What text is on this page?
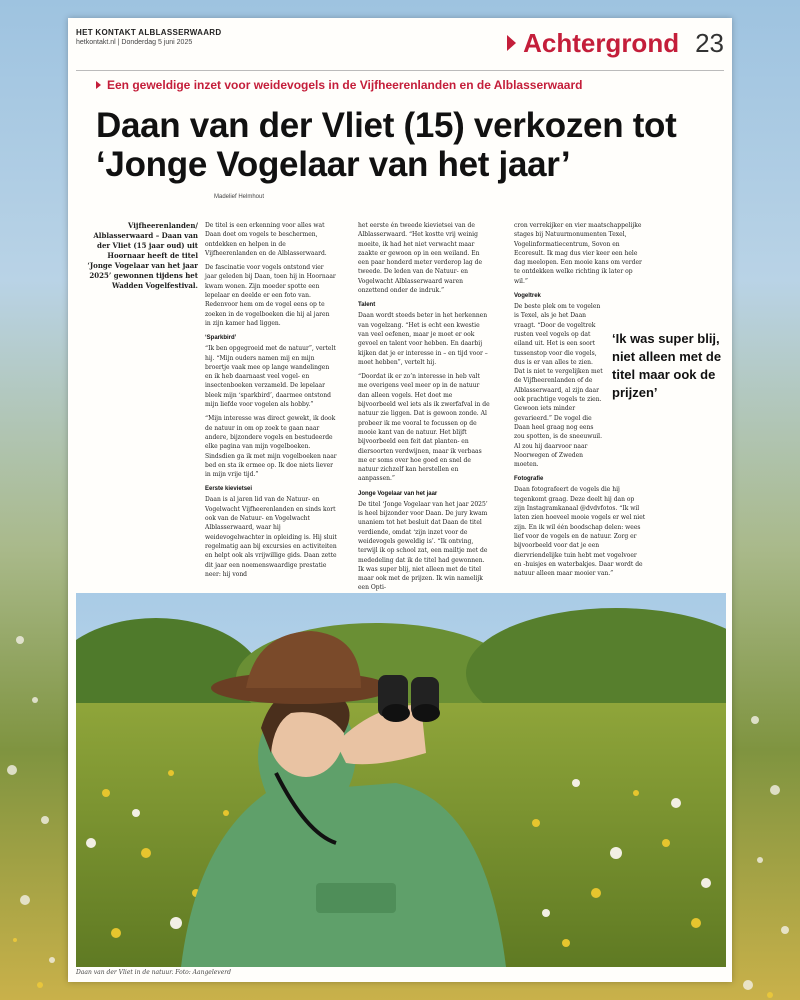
HET KONTAKT ALBLASSERWAARD
hetkontakt.nl | Donderdag 5 juni 2025	Achtergrond 23
Een geweldige inzet voor weidevogels in de Vijfheerenlanden en de Alblasserwaard
Daan van der Vliet (15) verkozen tot ‘Jonge Vogelaar van het jaar’
Madelief Helmhout
Vijfheerenlanden/ Alblasserwaard – Daan van der Vliet (15 jaar oud) uit Hoornaar heeft de titel ‘Jonge Vogelaar van het jaar 2025’ gewonnen tijdens het Wadden Vogelfestival.

De titel is een erkenning voor alles wat Daan doet om vogels te beschermen, ontdekken en helpen in de Vijfheerenlanden en de Alblasserwaard.

De fascinatie voor vogels ontstond vier jaar geleden bij Daan, toen hij in Hoornaar kwam wonen. Zijn moeder spotte een lepelaar en deelde er een foto van. Redenvoor hem om de vogel eens op te zoeken in de vogelboeken die hij al jaren in zijn kamer had liggen.

‘Sparkbird’

“Ik ben opgegroeid met de natuur”, vertelt hij. “Mijn ouders namen mij en mijn broertje vaak mee op lange wandelingen en ik heb daarnaast veel vogel- en insectenboeken verzameld. De lepelaar bleek mijn ‘sparkbird’, daarmee ontstond mijn liefde voor vogelen als hobby.”

“Mijn interesse was direct gewekt, ik dook de natuur in om op zoek te gaan naar andere, bijzondere vogels en bestudeerde elke pagina van mijn vogelboeken. Sindsdien ga ik met mijn vogelboeken naar bed en sta ik ermee op. Ik doe niets liever in mijn vrije tijd.”

Eerste kievietsei

Daan is al jaren lid van de Natuur- en Vogelwacht Vijfheerenlanden en sinds kort ook van de Natuur- en Vogelwacht Alblasserwaard, waar hij weidevogelwachter in opleiding is. Hij sluit regelmatig aan bij excursies en activiteiten en helpt ook als vrijwillige gids. Daan zette dit jaar een noemenswaardige prestatie neer: hij vond

het eerste én tweede kievietsei van de Alblasserwaard. “Het kostte vrij weinig moeite, ik had het niet verwacht maar zaakte er gewoon op in een weiland. En een paar honderd meter verderop lag de tweede. De leden van de Natuur- en Vogelwacht Alblasserwaard waren onzettend onder de indruk.”

Talent

Daan wordt steeds beter in het herkennen van vogelzang. “Het is echt een kwestie van veel oefenen, maar je moet er ook gevoel en talent voor hebben. En daarbij kijken dat je er interesse in – en tijd voor – moet hebben”, vertelt hij.

“Doordat ik er zo’n interesse in heb valt me overigens veel meer op in de natuur dan alleen vogels. Het doet me bijvoorbeeld wel iets als ik zwerfafval in de natuur zie liggen. Dat is gewoon zonde. Al probeer ik me vooral te focussen op de mooie kant van de natuur. Het blijft bijvoorbeeld een feit dat planten- en diersoorten verdwijnen, maar ik verbaas me er soms over hoe goed en snel de natuur zichzelf kan herstellen en aanpassen.”

Jonge Vogelaar van het jaar

De titel ‘Jonge Vogelaar van het jaar 2025’ is heel bijzonder voor Daan. De jury kwam unaniem tot het besluit dat Daan de titel verdiende, omdat ‘zijn inzet voor de weidevogels geweldig is’. “Ik ontving, terwijl ik op school zat, een mailtje met de mededeling dat ik de titel had gewonnen. Ik was super blij, niet alleen met de titel maar ook met de prijzen. Ik win namelijk een Opti-

cron verrekijker en vier maatschappelijke stages bij Natuurmonumenten Texel, Vogelinformatiecentrum, Sovon en Ecoresult. Ik mag dus vier keer een hele dag meelopen. Een mooie kans om verder te ontdekken welke richting ik later op wil.”

Vogeltrek

De beste plek om te vogelen is Texel, als je het Daan vraagt. “Door de vogeltrek rusten veel vogels op dat eiland uit. Het is een soort tussenstop voor die vogels, dus is er van alles te zien. Dat is niet te vergelijken met de Vijfheerenlanden of de Alblasserwaard, al zijn daar ook prachtige vogels te zien. Gewoon iets minder gevarieerd.” De vogel die Daan heel graag nog eens zou spotten, is de sneeuwuil. Al zou hij daarvoor naar Noorwegen of Zweden moeten.

Fotografie

Daan fotografeert de vogels die hij tegenkomt graag. Deze deelt hij dan op zijn Instagramkanaal @dvdvfotos. “Ik wil laten zien hoeveel mooie vogels er wel niet zijn. En ik wil één boodschap delen: wees lief voor de vogels en de natuur. Zorg er bijvoorbeeld voor dat je een diervriendelijke tuin hebt met vogelvoer en -huisjes en waterbakjes. Daar wordt de natuur alleen maar mooier van.”

‘Ik was super blij, niet alleen met de titel maar ook de prijzen’
Daan van der Vliet in de natuur. Foto: Aangeleverd
